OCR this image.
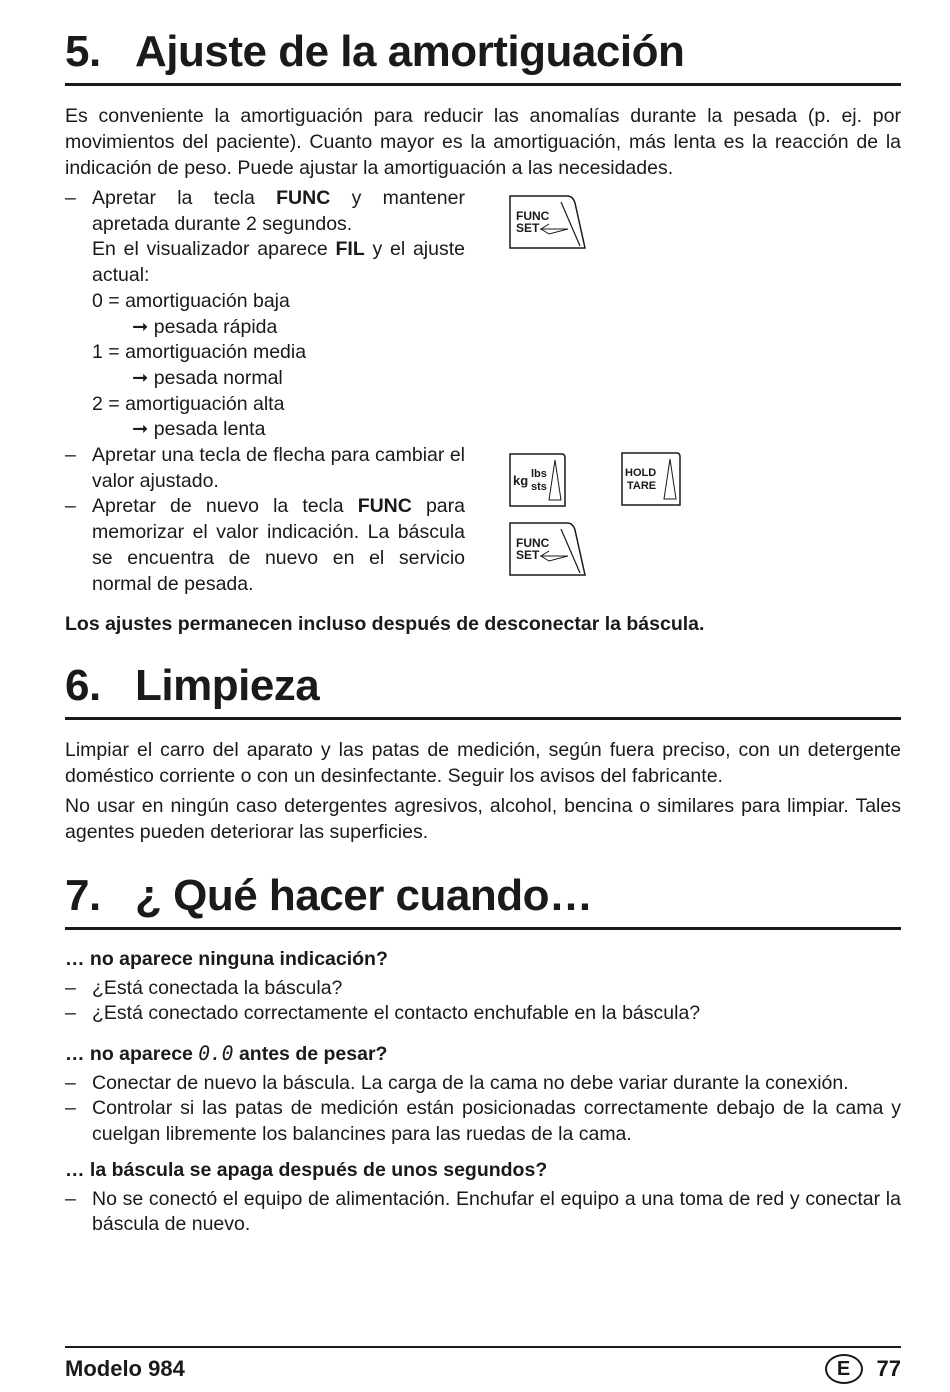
5. Ajuste de la amortiguación

Es conveniente la amortiguación para reducir las anomalías durante la pesada (p. ej. por movimientos del paciente). Cuanto mayor es la amortiguación, más lenta es la reacción de la indicación de peso. Puede ajustar la amortiguación a las necesidades.

– Apretar la tecla FUNC y mantener apretada durante 2 segundos.
En el visualizador aparece FIL y el ajuste actual:
0 = amortiguación baja
➞ pesada rápida
1 = amortiguación media
➞ pesada normal
2 = amortiguación alta
➞ pesada lenta
– Apretar una tecla de flecha para cambiar el valor ajustado.
– Apretar de nuevo la tecla FUNC para memorizar el valor indicación. La báscula se encuentra de nuevo en el servicio normal de pesada.
FUNC
SET
kg lbs
sts
HOLD
TARE
FUNC
SET
Los ajustes permanecen incluso después de desconectar la báscula.
6. Limpieza

Limpiar el carro del aparato y las patas de medición, según fuera preciso, con un detergente doméstico corriente o con un desinfectante. Seguir los avisos del fabricante.

No usar en ningún caso detergentes agresivos, alcohol, bencina o similares para limpiar. Tales agentes pueden deteriorar las superficies.

7. ¿ Qué hacer cuando…
… no aparece ninguna indicación?
– ¿Está conectada la báscula?
– ¿Está conectado correctamente el contacto enchufable en la báscula?
… no aparece 0.0 antes de pesar?
– Conectar de nuevo la báscula. La carga de la cama no debe variar durante la conexión.
– Controlar si las patas de medición están posicionadas correctamente debajo de la cama y cuelgan libremente los balancines para las ruedas de la cama.
… la báscula se apaga después de unos segundos?
– No se conectó el equipo de alimentación. Enchufar el equipo a una toma de red y conectar la báscula de nuevo.
Modelo 984	E	77
